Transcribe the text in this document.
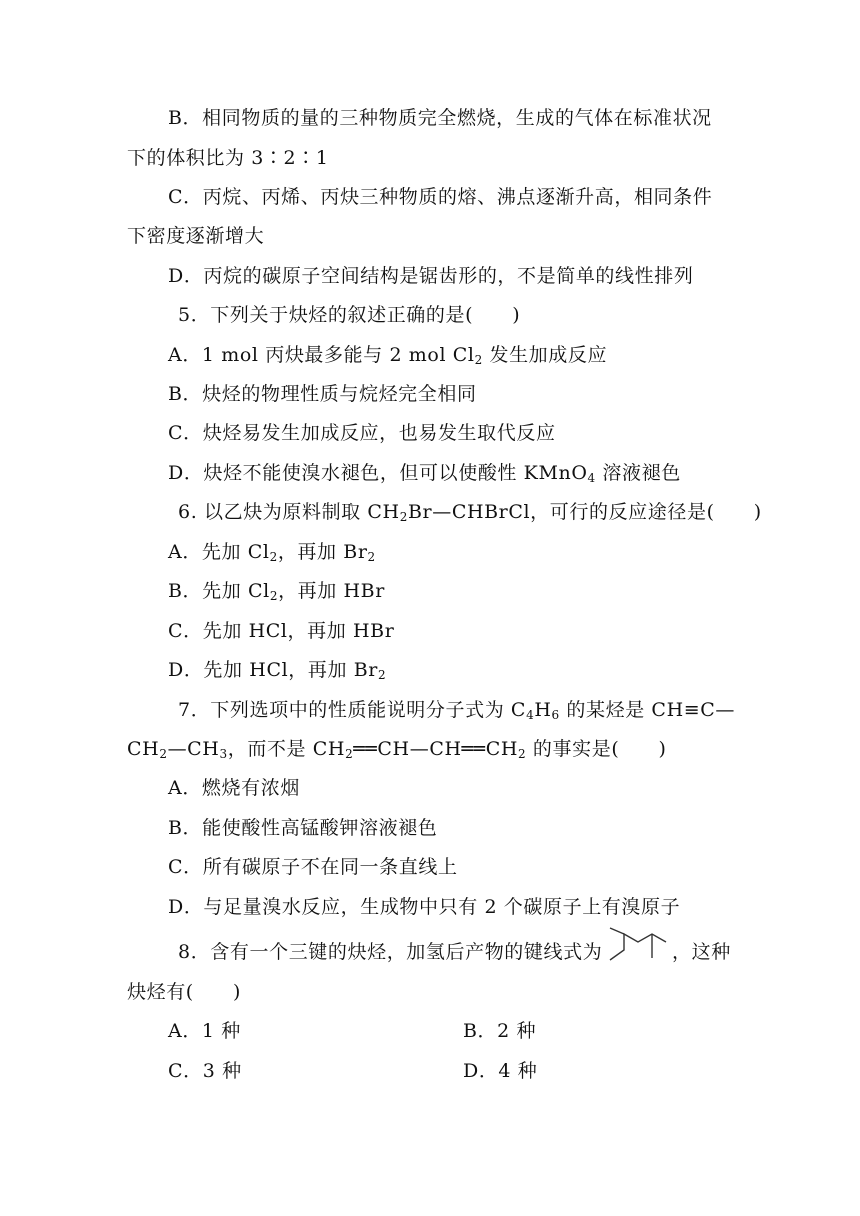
B．相同物质的量的三种物质完全燃烧，生成的气体在标准状况
下的体积比为 3∶2∶1
C．丙烷、丙烯、丙炔三种物质的熔、沸点逐渐升高，相同条件
下密度逐渐增大
D．丙烷的碳原子空间结构是锯齿形的，不是简单的线性排列
5．下列关于炔烃的叙述正确的是(　　)
A．1 mol 丙炔最多能与 2 mol $Cl_2$ 发生加成反应
B．炔烃的物理性质与烷烃完全相同
C．炔烃易发生加成反应，也易发生取代反应
D．炔烃不能使溴水褪色，但可以使酸性 KMnO$_4$ 溶液褪色
6. 以乙炔为原料制取 $CH_2Br—CHBrCl$，可行的反应途径是(　　)
A．先加 $Cl_2$，再加 $Br_2$
B．先加 $Cl_2$，再加 HBr
C．先加 HCl，再加 HBr
D．先加 HCl，再加 $Br_2$
7．下列选项中的性质能说明分子式为 $C_4H_6$ 的某烃是 CH≡C—
$CH_2—CH_3$，而不是 $CH_2══CH—CH══CH_2$ 的事实是(　　)
A．燃烧有浓烟
B．能使酸性高锰酸钾溶液褪色
C．所有碳原子不在同一条直线上
D．与足量溴水反应，生成物中只有 2 个碳原子上有溴原子
8．含有一个三键的炔烃，加氢后产物的键线式为	，这种
炔烃有(　　)
A．1 种	B．2 种
C．3 种	D．4 种
